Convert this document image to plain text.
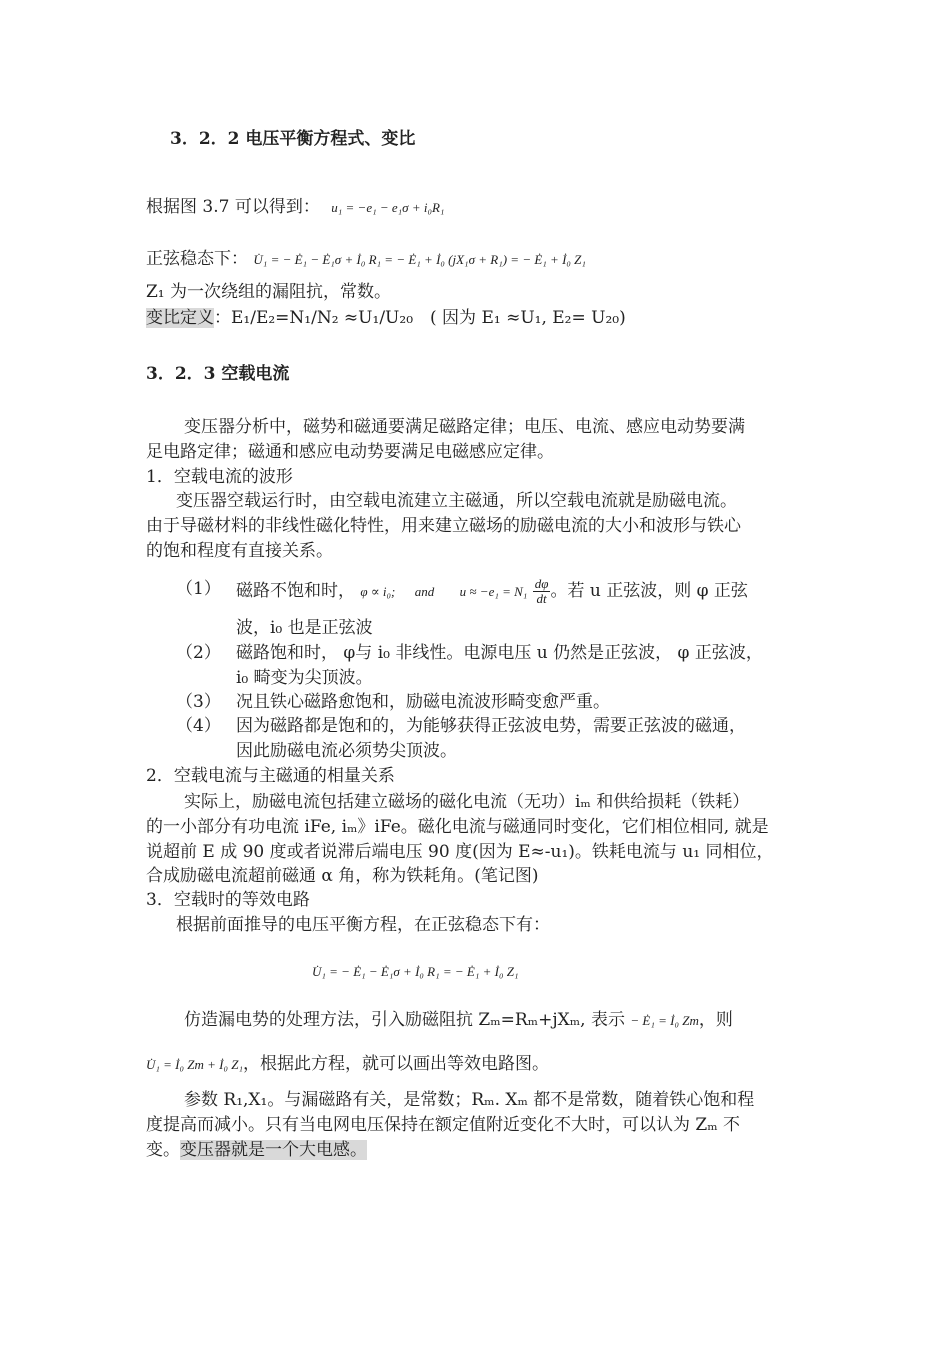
3．2．2 电压平衡方程式、变比
根据图 3.7 可以得到： u₁ = −e₁ − e₁σ + i₀R₁
正弦稳态下： U̇₁ = − Ė₁ − Ė₁σ + İ₀ R₁ = − Ė₁ + İ₀ (jX₁σ + R₁) = − Ė₁ + İ₀ Z₁
Z₁ 为一次绕组的漏阻抗，常数。
变比定义：E₁/E₂=N₁/N₂ ≈U₁/U₂₀　( 因为 E₁ ≈U₁, E₂= U₂₀)
3．2．3 空载电流
变压器分析中，磁势和磁通要满足磁路定律；电压、电流、感应电动势要满
足电路定律；磁通和感应电动势要满足电磁感应定律。
1．空载电流的波形
变压器空载运行时，由空载电流建立主磁通，所以空载电流就是励磁电流。
由于导磁材料的非线性磁化特性，用来建立磁场的励磁电流的大小和波形与铁心
的饱和程度有直接关系。
（1） 磁路不饱和时， φ ∝ i₀; and $u \approx -e_1 = N_1 \frac{d\varphi}{dt}$ 。若 u 正弦波，则 φ 正弦
波，i₀ 也是正弦波
（2） 磁路饱和时， φ与 i₀ 非线性。电源电压 u 仍然是正弦波， φ 正弦波，
i₀ 畸变为尖顶波。
（3） 况且铁心磁路愈饱和，励磁电流波形畸变愈严重。
（4） 因为磁路都是饱和的，为能够获得正弦波电势，需要正弦波的磁通，
因此励磁电流必须势尖顶波。
2．空载电流与主磁通的相量关系
实际上，励磁电流包括建立磁场的磁化电流（无功）iₘ 和供给损耗（铁耗）
的一小部分有功电流 iFe, iₘ》iFe。磁化电流与磁通同时变化，它们相位相同, 就是
说超前 E 成 90 度或者说滞后端电压 90 度(因为 E≈-u₁)。铁耗电流与 u₁ 同相位，
合成励磁电流超前磁通 α 角，称为铁耗角。(笔记图)
3．空载时的等效电路
根据前面推导的电压平衡方程，在正弦稳态下有：
U̇₁ = − Ė₁ − Ė₁σ + İ₀ R₁ = − Ė₁ + İ₀ Z₁
仿造漏电势的处理方法，引入励磁阻抗 Zₘ=Rₘ+jXₘ, 表示 − Ė₁ = İ₀ Zm，则
U̇₁ = İ₀ Zm + İ₀ Z₁，根据此方程，就可以画出等效电路图。
参数 R₁,X₁。与漏磁路有关，是常数；Rₘ. Xₘ 都不是常数，随着铁心饱和程
度提高而减小。只有当电网电压保持在额定值附近变化不大时，可以认为 Zₘ 不
变。变压器就是一个大电感。
